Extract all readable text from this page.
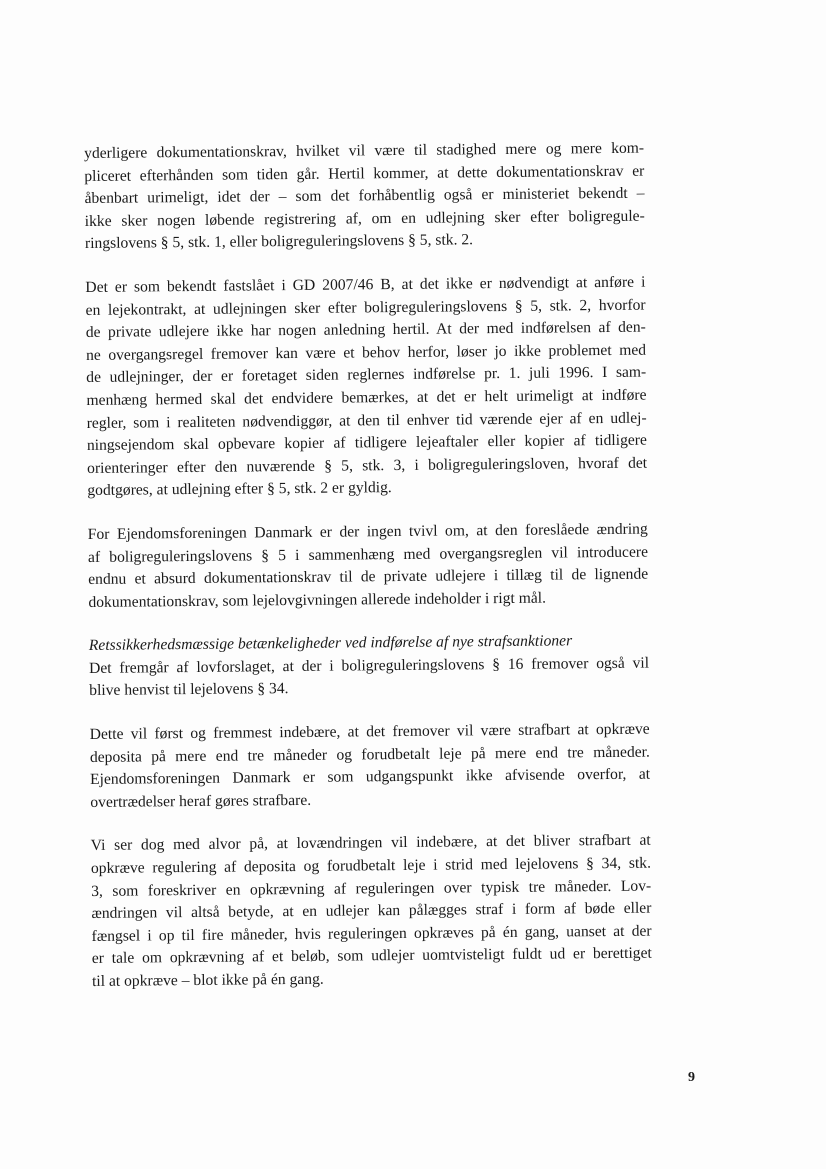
yderligere dokumentationskrav, hvilket vil være til stadighed mere og mere kom-
pliceret efterhånden som tiden går. Hertil kommer, at dette dokumentationskrav er
åbenbart urimeligt, idet der – som det forhåbentlig også er ministeriet bekendt –
ikke sker nogen løbende registrering af, om en udlejning sker efter boligregule-
ringslovens § 5, stk. 1, eller boligreguleringslovens § 5, stk. 2.
Det er som bekendt fastslået i GD 2007/46 B, at det ikke er nødvendigt at anføre i
en lejekontrakt, at udlejningen sker efter boligreguleringslovens § 5, stk. 2, hvorfor
de private udlejere ikke har nogen anledning hertil. At der med indførelsen af den-
ne overgangsregel fremover kan være et behov herfor, løser jo ikke problemet med
de udlejninger, der er foretaget siden reglernes indførelse pr. 1. juli 1996. I sam-
menhæng hermed skal det endvidere bemærkes, at det er helt urimeligt at indføre
regler, som i realiteten nødvendiggør, at den til enhver tid værende ejer af en udlej-
ningsejendom skal opbevare kopier af tidligere lejeaftaler eller kopier af tidligere
orienteringer efter den nuværende § 5, stk. 3, i boligreguleringsloven, hvoraf det
godtgøres, at udlejning efter § 5, stk. 2 er gyldig.
For Ejendomsforeningen Danmark er der ingen tvivl om, at den foreslåede ændring
af boligreguleringslovens § 5 i sammenhæng med overgangsreglen vil introducere
endnu et absurd dokumentationskrav til de private udlejere i tillæg til de lignende
dokumentationskrav, som lejelovgivningen allerede indeholder i rigt mål.
Retssikkerhedsmæssige betænkeligheder ved indførelse af nye strafsanktioner
Det fremgår af lovforslaget, at der i boligreguleringslovens § 16 fremover også vil
blive henvist til lejelovens § 34.
Dette vil først og fremmest indebære, at det fremover vil være strafbart at opkræve
deposita på mere end tre måneder og forudbetalt leje på mere end tre måneder.
Ejendomsforeningen Danmark er som udgangspunkt ikke afvisende overfor, at
overtrædelser heraf gøres strafbare.
Vi ser dog med alvor på, at lovændringen vil indebære, at det bliver strafbart at
opkræve regulering af deposita og forudbetalt leje i strid med lejelovens § 34, stk.
3, som foreskriver en opkrævning af reguleringen over typisk tre måneder. Lov-
ændringen vil altså betyde, at en udlejer kan pålægges straf i form af bøde eller
fængsel i op til fire måneder, hvis reguleringen opkræves på én gang, uanset at der
er tale om opkrævning af et beløb, som udlejer uomtvisteligt fuldt ud er berettiget
til at opkræve – blot ikke på én gang.
9
